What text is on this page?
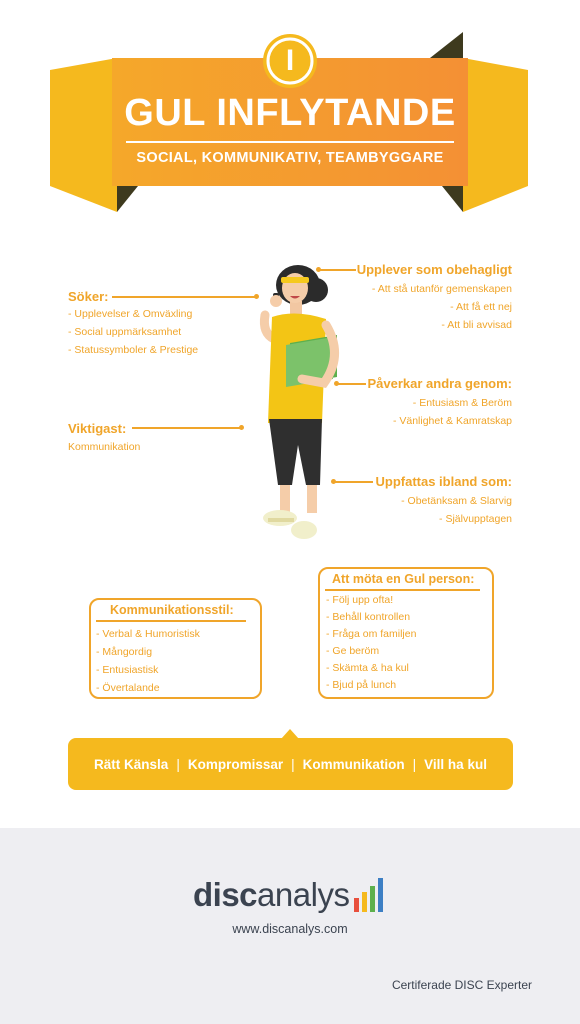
I
GUL INFLYTANDE
SOCIAL, KOMMUNIKATIV, TEAMBYGGARE
Söker:
- Upplevelser & Omväxling
- Social uppmärksamhet
- Statussymboler & Prestige
Viktigast:
Kommunikation
Upplever som obehagligt
- Att stå utanför gemenskapen
- Att få ett nej
- Att bli avvisad
Påverkar andra genom:
- Entusiasm & Beröm
- Vänlighet & Kamratskap
Uppfattas ibland som:
- Obetänksam & Slarvig
- Självupptagen
Kommunikationsstil:
- Verbal & Humoristisk
- Mångordig
- Entusiastisk
- Övertalande
Att möta en Gul person:
- Följ upp ofta!
- Behåll kontrollen
- Fråga om familjen
- Ge beröm
- Skämta & ha kul
- Bjud på lunch
Rätt Känsla | Kompromissar | Kommunikation | Vill ha kul
discanalys
www.discanalys.com
Certiferade DISC Experter
